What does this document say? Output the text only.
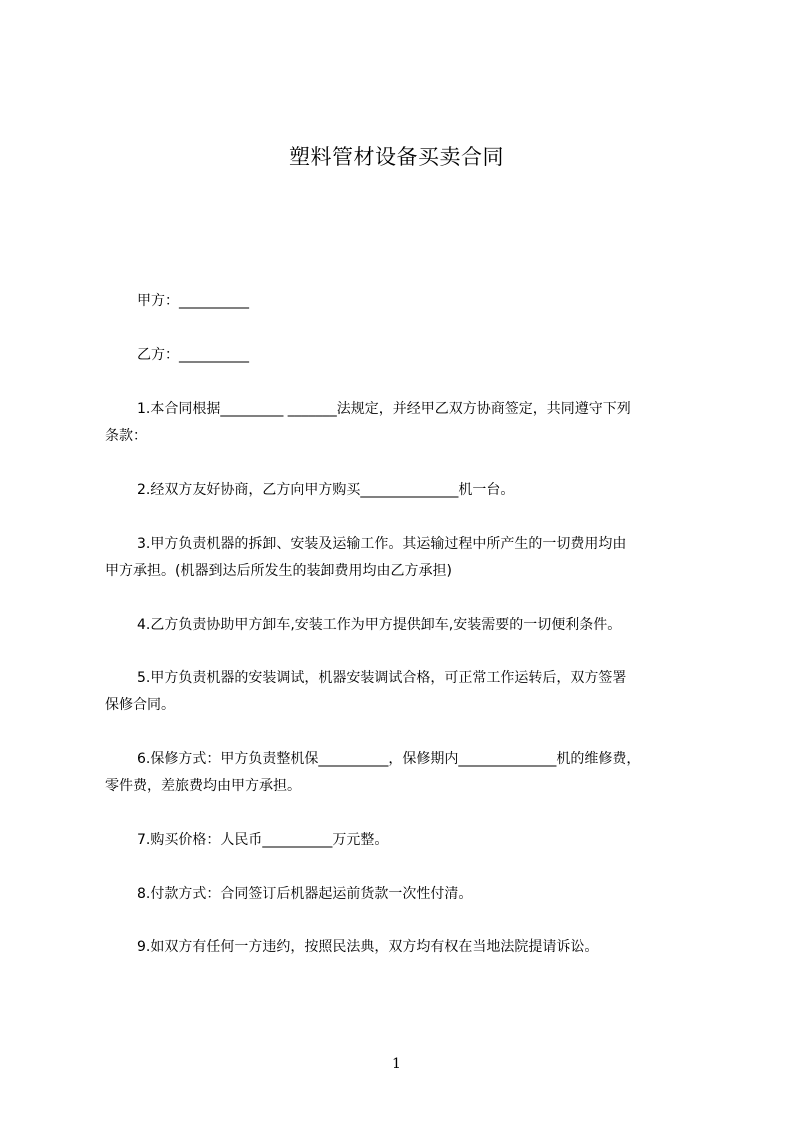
塑料管材设备买卖合同

甲方：__________

乙方：__________

1.本合同根据_________ _______法规定，并经甲乙双方协商签定，共同遵守下列

条款：

2.经双方友好协商，乙方向甲方购买______________机一台。

3.甲方负责机器的拆卸、安装及运输工作。其运输过程中所产生的一切费用均由

甲方承担。(机器到达后所发生的装卸费用均由乙方承担)

4.乙方负责协助甲方卸车,安装工作为甲方提供卸车,安装需要的一切便利条件。

5.甲方负责机器的安装调试，机器安装调试合格，可正常工作运转后，双方签署

保修合同。

6.保修方式：甲方负责整机保__________，保修期内______________机的维修费，

零件费，差旅费均由甲方承担。

7.购买价格：人民币__________万元整。

8.付款方式：合同签订后机器起运前货款一次性付清。

9.如双方有任何一方违约，按照民法典，双方均有权在当地法院提请诉讼。

1
